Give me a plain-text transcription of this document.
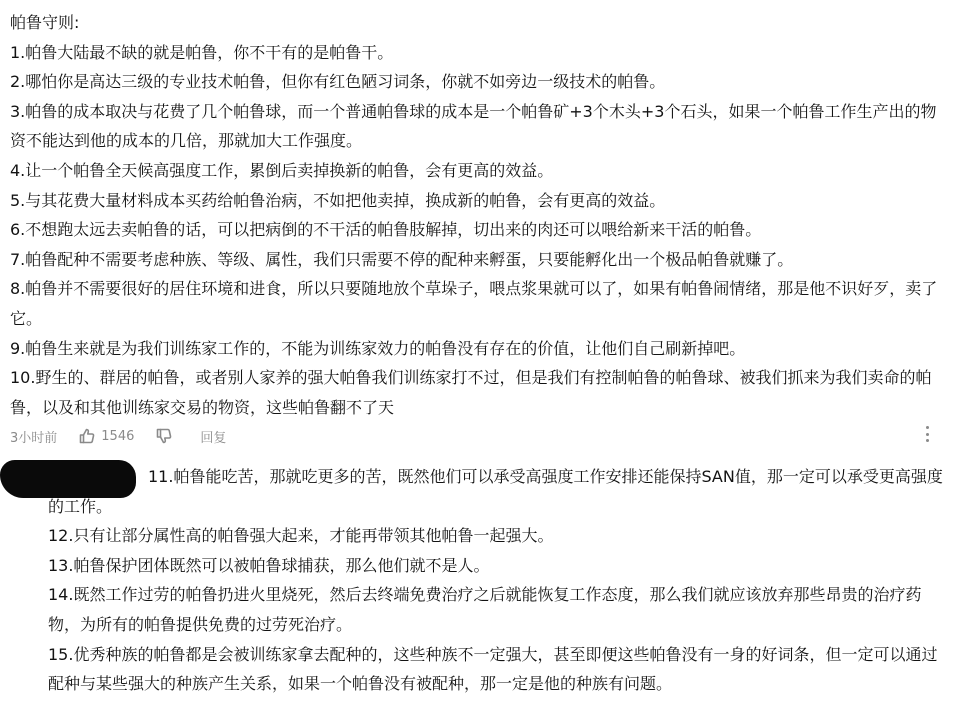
帕鲁守则:

1.帕鲁大陆最不缺的就是帕鲁，你不干有的是帕鲁干。

2.哪怕你是高达三级的专业技术帕鲁，但你有红色陋习词条，你就不如旁边一级技术的帕鲁。

3.帕鲁的成本取决与花费了几个帕鲁球，而一个普通帕鲁球的成本是一个帕鲁矿+3个木头+3个石头，如果一个帕鲁工作生产出的物资不能达到他的成本的几倍，那就加大工作强度。

4.让一个帕鲁全天候高强度工作，累倒后卖掉换新的帕鲁，会有更高的效益。

5.与其花费大量材料成本买药给帕鲁治病，不如把他卖掉，换成新的帕鲁，会有更高的效益。

6.不想跑太远去卖帕鲁的话，可以把病倒的不干活的帕鲁肢解掉，切出来的肉还可以喂给新来干活的帕鲁。

7.帕鲁配种不需要考虑种族、等级、属性，我们只需要不停的配种来孵蛋，只要能孵化出一个极品帕鲁就赚了。

8.帕鲁并不需要很好的居住环境和进食，所以只要随地放个草垛子，喂点浆果就可以了，如果有帕鲁闹情绪，那是他不识好歹，卖了它。

9.帕鲁生来就是为我们训练家工作的，不能为训练家效力的帕鲁没有存在的价值，让他们自己刷新掉吧。

10.野生的、群居的帕鲁，或者别人家养的强大帕鲁我们训练家打不过，但是我们有控制帕鲁的帕鲁球、被我们抓来为我们卖命的帕鲁，以及和其他训练家交易的物资，这些帕鲁翻不了天

3小时前	1546	回复

11.帕鲁能吃苦，那就吃更多的苦，既然他们可以承受高强度工作安排还能保持SAN值，那一定可以承受更高强度的工作。

12.只有让部分属性高的帕鲁强大起来，才能再带领其他帕鲁一起强大。

13.帕鲁保护团体既然可以被帕鲁球捕获，那么他们就不是人。

14.既然工作过劳的帕鲁扔进火里烧死，然后去终端免费治疗之后就能恢复工作态度，那么我们就应该放弃那些昂贵的治疗药物，为所有的帕鲁提供免费的过劳死治疗。

15.优秀种族的帕鲁都是会被训练家拿去配种的，这些种族不一定强大，甚至即便这些帕鲁没有一身的好词条，但一定可以通过配种与某些强大的种族产生关系，如果一个帕鲁没有被配种，那一定是他的种族有问题。
